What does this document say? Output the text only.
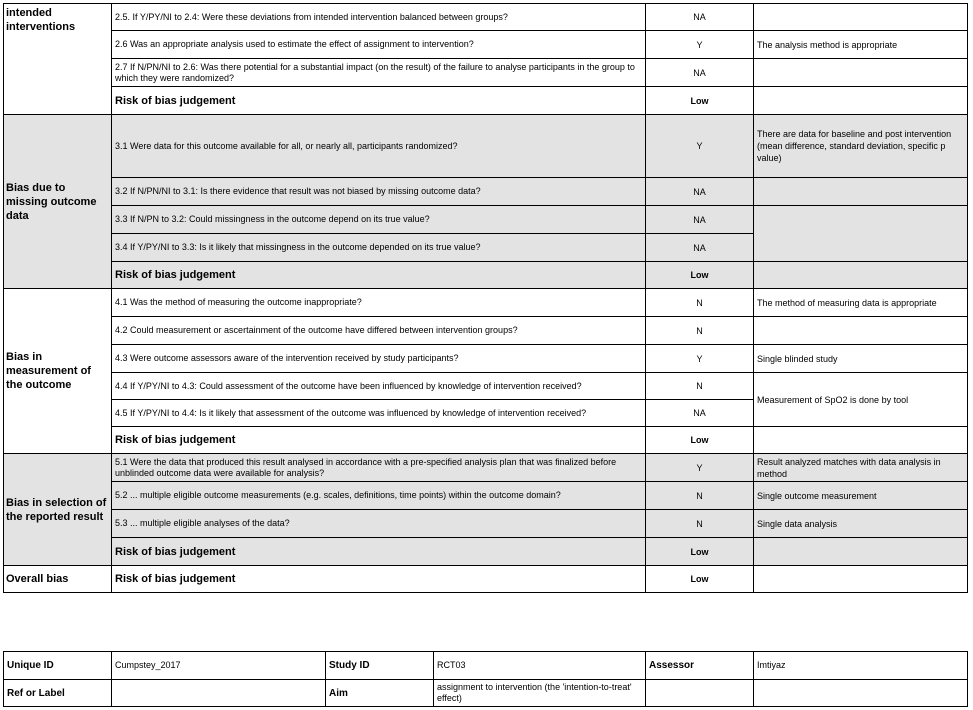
intended interventions	2.5. If Y/PY/NI to 2.4: Were these deviations from intended intervention balanced between groups?	NA	
	2.6 Was an appropriate analysis used to estimate the effect of assignment to intervention?	Y	The analysis method is appropriate
	2.7 If N/PN/NI to 2.6: Was there potential for a substantial impact (on the result) of the failure to analyse participants in the group to which they were randomized?	NA	
	Risk of bias judgement	Low	
Bias due to missing outcome data	3.1 Were data for this outcome available for all, or nearly all, participants randomized?	Y	There are data for baseline and post intervention (mean difference, standard deviation, specific p value)
	3.2 If N/PN/NI to 3.1: Is there evidence that result was not biased by missing outcome data?	NA	
	3.3 If N/PN to 3.2: Could missingness in the outcome depend on its true value?	NA	
	3.4 If Y/PY/NI to 3.3: Is it likely that missingness in the outcome depended on its true value?	NA	
	Risk of bias judgement	Low	
Bias in measurement of the outcome	4.1 Was the method of measuring the outcome inappropriate?	N	The method of measuring data is appropriate
	4.2 Could measurement or ascertainment of the outcome have differed between intervention groups?	N	
	4.3 Were outcome assessors aware of the intervention received by study participants?	Y	Single blinded study
	4.4 If Y/PY/NI to 4.3: Could assessment of the outcome have been influenced by knowledge of intervention received?	N	Measurement of SpO2 is done by tool
	4.5 If Y/PY/NI to 4.4: Is it likely that assessment of the outcome was influenced by knowledge of intervention received?	NA	
	Risk of bias judgement	Low	
Bias in selection of the reported result	5.1 Were the data that produced this result analysed in accordance with a pre-specified analysis plan that was finalized before unblinded outcome data were available for analysis?	Y	Result analyzed matches with data analysis in method
	5.2 ... multiple eligible outcome measurements (e.g. scales, definitions, time points) within the outcome domain?	N	Single outcome measurement
	5.3 ... multiple eligible analyses of the data?	N	Single data analysis
	Risk of bias judgement	Low	
Overall bias	Risk of bias judgement	Low	
Unique ID	Cumpstey_2017	Study ID	RCT03	Assessor	Imtiyaz
Ref or Label		Aim	assignment to intervention (the 'intention-to-treat' effect)		
